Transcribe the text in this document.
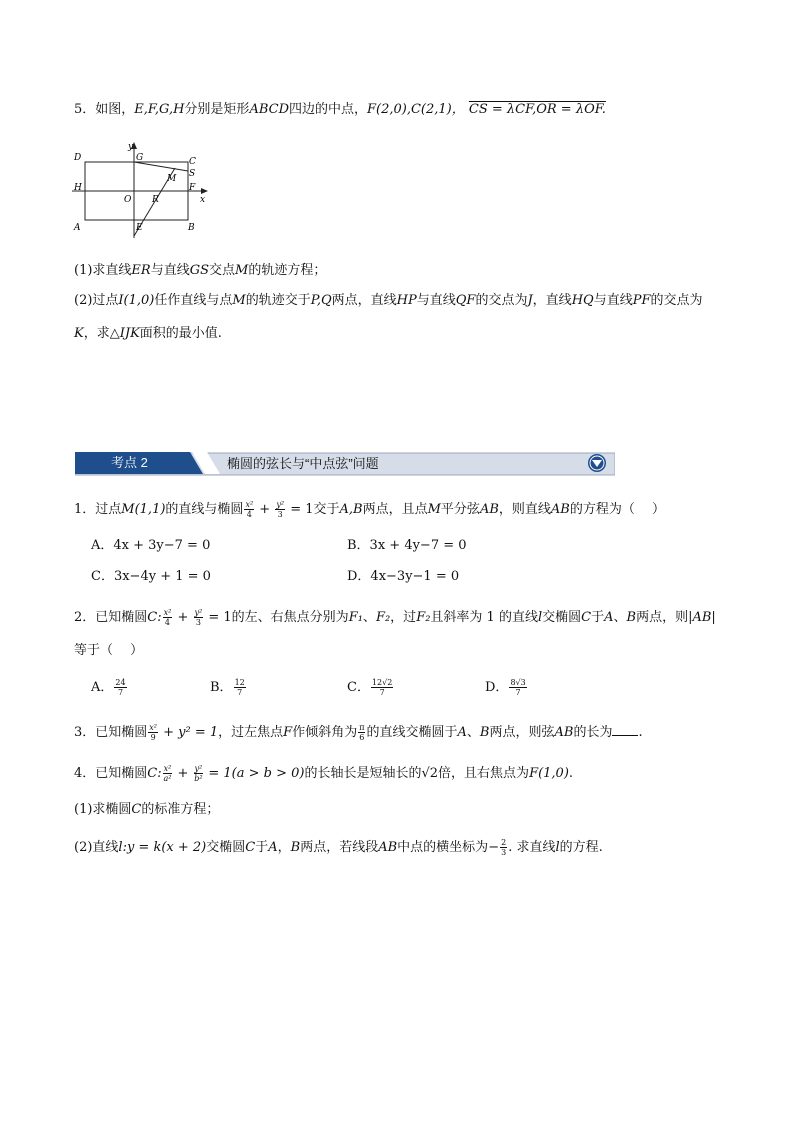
5．如图，E,F,G,H分别是矩形ABCD四边的中点，F(2,0),C(2,1)， CS = λCF,OR = λOF.
y
x
D	G	C
M S
H	F
O R
A	E	B
(1)求直线ER与直线GS交点M的轨迹方程；
(2)过点I(1,0)任作直线与点M的轨迹交于P,Q两点，直线HP与直线QF的交点为J，直线HQ与直线PF的交点为
K，求△IJK面积的最小值.
考点 2	椭圆的弦长与“中点弦”问题
1．过点M(1,1)的直线与椭圆 $\frac{\text{x²}}{4} + \frac{\text{y²}}{3} = 1$交于A,B两点，且点M平分弦AB，则直线AB的方程为（　 ）
A．4x + 3y−7 = 0	B．3x + 4y−7 = 0
C．3x−4y + 1 = 0	D．4x−3y−1 = 0
2．已知椭圆C: $\frac{\text{x²}}{4} + \frac{\text{y²}}{3} = 1$的左、右焦点分别为F₁、F₂，过F₂且斜率为 1 的直线l交椭圆C于A、B两点，则|AB|
等于（　 ）
A． $\frac{24}{7}$	B． $\frac{12}{7}$	C． $\frac{12√2}{7}$	D． $\frac{8√3}{7}$
3．已知椭圆 $\frac{\text{x²}}{9} + y^2 = 1$，过左焦点F作倾斜角为 $\frac{\pi}{6}$ 的直线交椭圆于A、B两点，则弦AB的长为 .
4．已知椭圆C: $\frac{\text{x²}}{\text{a²}} + \frac{\text{y²}}{\text{b²}} = 1(a > b > 0)$的长轴长是短轴长的√2倍，且右焦点为F(1,0).
(1)求椭圆C的标准方程；
(2)直线l:y = k(x + 2)交椭圆C于A，B两点，若线段AB中点的横坐标为− $\frac{2}{3}$ . 求直线l的方程.
